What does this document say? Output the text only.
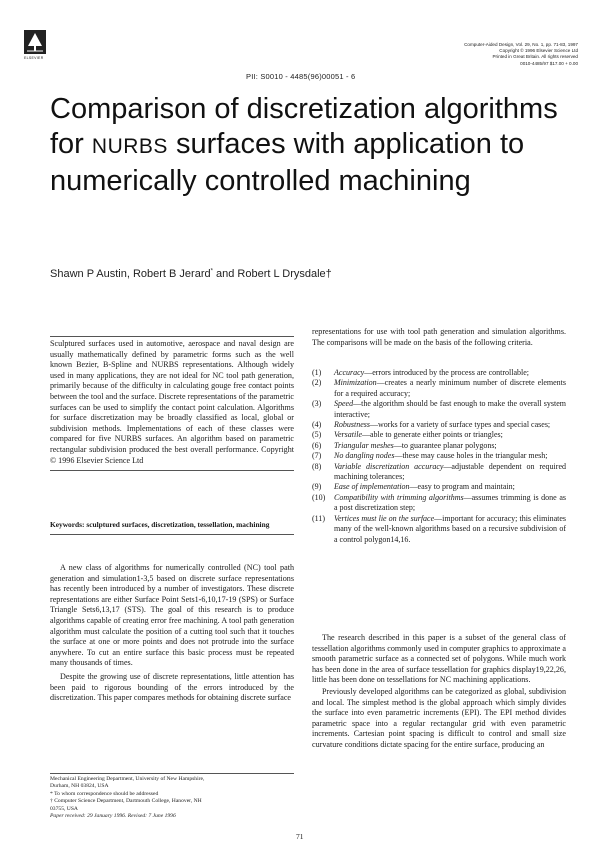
ELSEVIER
PII: S0010 - 4485(96)00051 - 6
Computer-Aided Design, Vol. 29, No. 1, pp. 71-83, 1997
Copyright © 1996 Elsevier Science Ltd
Printed in Great Britain. All rights reserved
0010-4485/97 $17.00 + 0.00
Comparison of discretization algorithms for NURBS surfaces with application to numerically controlled machining
Shawn P Austin, Robert B Jerard* and Robert L Drysdale†
Sculptured surfaces used in automotive, aerospace and naval design are usually mathematically defined by parametric forms such as the well known Bezier, B-Spline and NURBS representations. Although widely used in many applications, they are not ideal for NC tool path generation, primarily because of the difficulty in calculating gouge free contact points between the tool and the surface. Discrete representations of the parametric surfaces can be used to simplify the contact point calculation. Algorithms for surface discretization may be broadly classified as local, global or subdivision methods. Implementations of each of these classes were compared for five NURBS surfaces. An algorithm based on parametric rectangular subdivision produced the best overall performance. Copyright © 1996 Elsevier Science Ltd
Keywords: sculptured surfaces, discretization, tessellation, machining

A new class of algorithms for numerically controlled (NC) tool path generation and simulation1-3,5 based on discrete surface representations has recently been introduced by a number of investigators. These discrete representations are either Surface Point Sets1-6,10,17-19 (SPS) or Surface Triangle Sets6,13,17 (STS). The goal of this research is to produce algorithms capable of creating error free machining. A tool path generation algorithm must calculate the position of a cutting tool such that it touches the surface at one or more points and does not protrude into the surface anywhere. To cut an entire surface this basic process must be repeated many thousands of times.

Despite the growing use of discrete representations, little attention has been paid to rigorous bounding of the errors introduced by the discretization. This paper compares methods for obtaining discrete surface

Mechanical Engineering Department, University of New Hampshire,
Durham, NH 03824, USA
* To whom correspondence should be addressed
† Computer Science Department, Dartmouth College, Hanover, NH
03755, USA
Paper received: 29 January 1996. Revised: 7 June 1996
representations for use with tool path generation and simulation algorithms. The comparisons will be made on the basis of the following criteria.
(1) Accuracy—errors introduced by the process are controllable;
(2) Minimization—creates a nearly minimum number of discrete elements for a required accuracy;
(3) Speed—the algorithm should be fast enough to make the overall system interactive;
(4) Robustness—works for a variety of surface types and special cases;
(5) Versatile—able to generate either points or triangles;
(6) Triangular meshes—to guarantee planar polygons;
(7) No dangling nodes—these may cause holes in the triangular mesh;
(8) Variable discretization accuracy—adjustable dependent on required machining tolerances;
(9) Ease of implementation—easy to program and maintain;
(10) Compatibility with trimming algorithms—assumes trimming is done as a post discretization step;
(11) Vertices must lie on the surface—important for accuracy; this eliminates many of the well-known algorithms based on a recursive subdivision of a control polygon14,16.

The research described in this paper is a subset of the general class of tessellation algorithms commonly used in computer graphics to approximate a smooth parametric surface as a connected set of polygons. While much work has been done in the area of surface tessellation for graphics display19,22,26, little has been done on tessellations for NC machining applications.

Previously developed algorithms can be categorized as global, subdivision and local. The simplest method is the global approach which simply divides the surface into even parametric increments (EPI). The EPI method divides parametric space into a regular rectangular grid with even parametric increments. Cartesian point spacing is difficult to control and small size curvature conditions dictate spacing for the entire surface, producing an

71
